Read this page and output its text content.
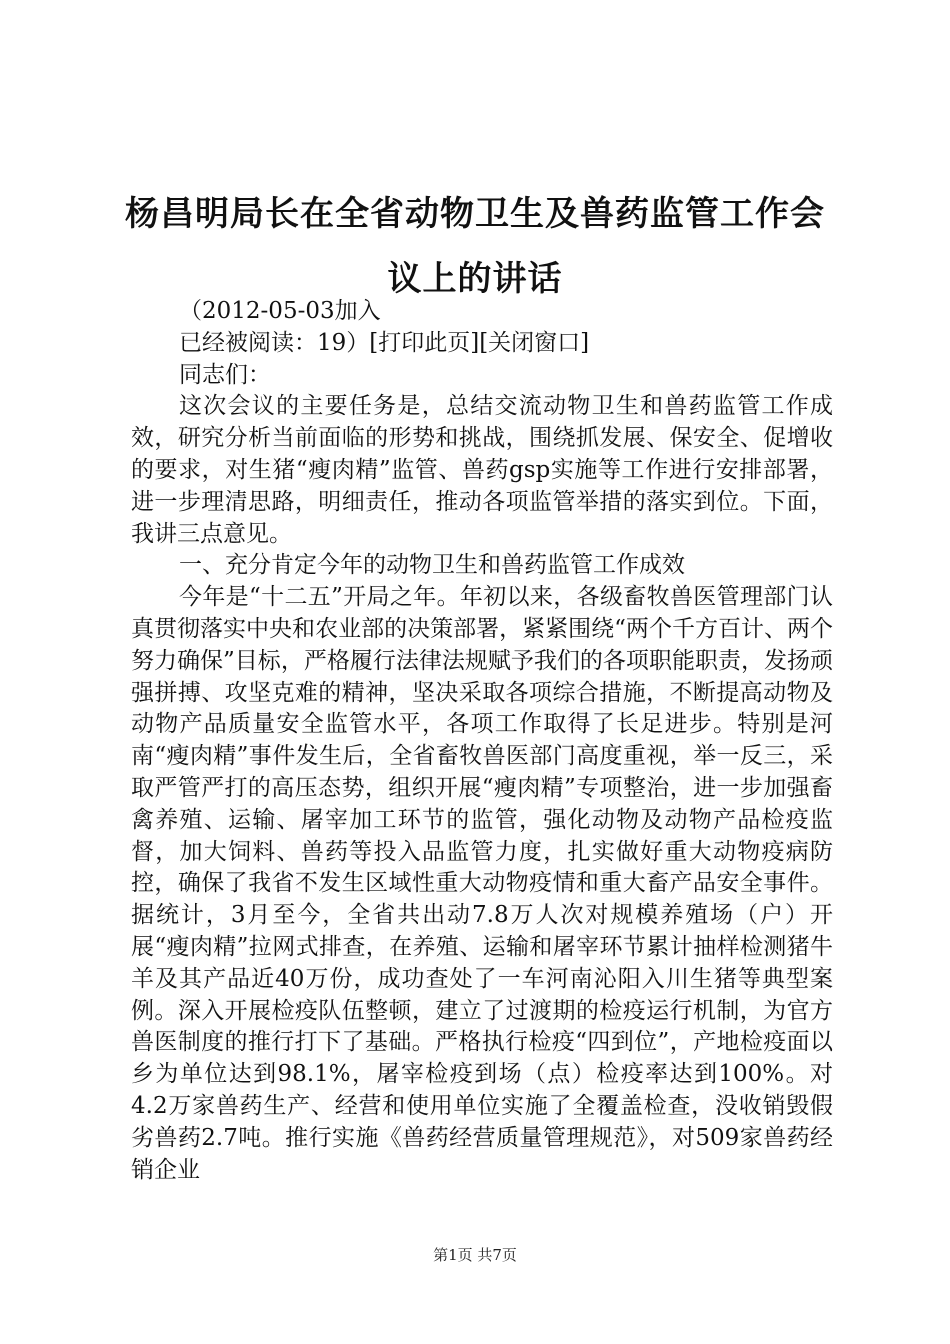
杨昌明局长在全省动物卫生及兽药监管工作会
议上的讲话

（2012-05-03加入

已经被阅读：19）[打印此页][关闭窗口]

同志们：

这次会议的主要任务是，总结交流动物卫生和兽药监管工作成效，研究分析当前面临的形势和挑战，围绕抓发展、保安全、促增收的要求，对生猪“瘦肉精”监管、兽药gsp实施等工作进行安排部署，进一步理清思路，明细责任，推动各项监管举措的落实到位。下面，我讲三点意见。

一、充分肯定今年的动物卫生和兽药监管工作成效

今年是“十二五”开局之年。年初以来，各级畜牧兽医管理部门认真贯彻落实中央和农业部的决策部署，紧紧围绕“两个千方百计、两个努力确保”目标，严格履行法律法规赋予我们的各项职能职责，发扬顽强拼搏、攻坚克难的精神，坚决采取各项综合措施，不断提高动物及动物产品质量安全监管水平，各项工作取得了长足进步。特别是河南“瘦肉精”事件发生后，全省畜牧兽医部门高度重视，举一反三，采取严管严打的高压态势，组织开展“瘦肉精”专项整治，进一步加强畜禽养殖、运输、屠宰加工环节的监管，强化动物及动物产品检疫监督，加大饲料、兽药等投入品监管力度，扎实做好重大动物疫病防控，确保了我省不发生区域性重大动物疫情和重大畜产品安全事件。据统计，3月至今，全省共出动7.8万人次对规模养殖场（户）开展“瘦肉精”拉网式排查，在养殖、运输和屠宰环节累计抽样检测猪牛羊及其产品近40万份，成功查处了一车河南沁阳入川生猪等典型案例。深入开展检疫队伍整顿，建立了过渡期的检疫运行机制，为官方兽医制度的推行打下了基础。严格执行检疫“四到位”，产地检疫面以乡为单位达到98.1%，屠宰检疫到场（点）检疫率达到100%。对4.2万家兽药生产、经营和使用单位实施了全覆盖检查，没收销毁假劣兽药2.7吨。推行实施《兽药经营质量管理规范》，对509家兽药经销企业

第1页 共7页
